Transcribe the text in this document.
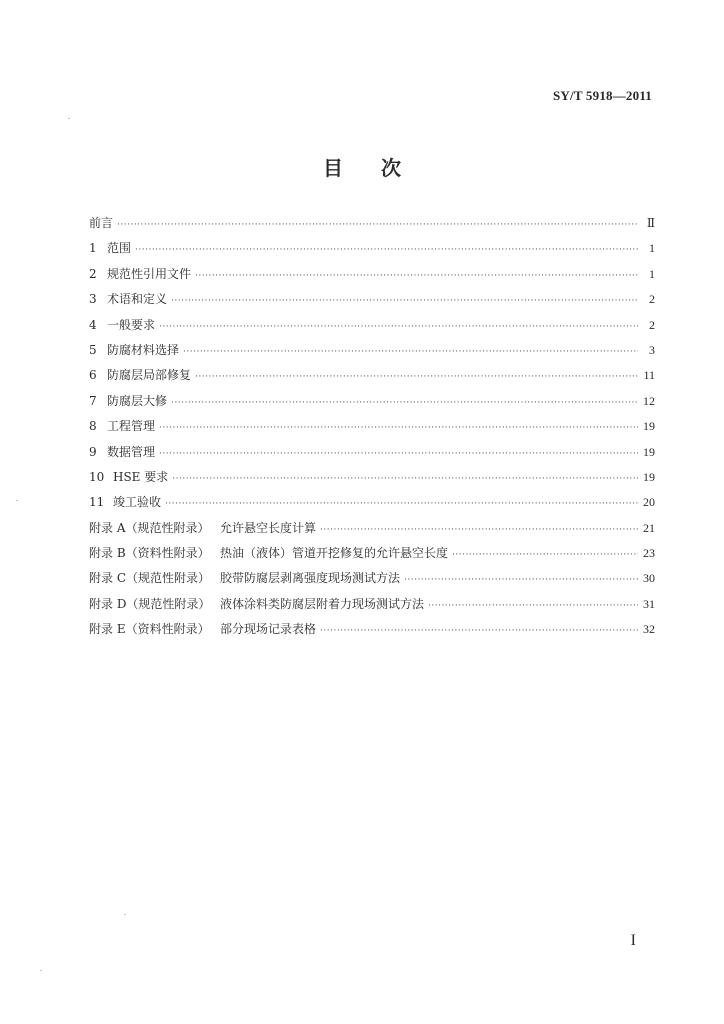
SY/T 5918—2011
目 次
前言 ·····	Ⅱ
1 范围 ·····	1
2 规范性引用文件 ·····	1
3 术语和定义 ·····	2
4 一般要求 ·····	2
5 防腐材料选择 ·····	3
6 防腐层局部修复 ·····	11
7 防腐层大修 ·····	12
8 工程管理 ·····	19
9 数据管理 ·····	19
10 HSE 要求 ·····	19
11 竣工验收 ·····	20
附录 A（规范性附录） 允许悬空长度计算 ·····	21
附录 B（资料性附录） 热油（液体）管道开挖修复的允许悬空长度 ·····	23
附录 C（规范性附录） 胶带防腐层剥离强度现场测试方法 ·····	30
附录 D（规范性附录） 液体涂料类防腐层附着力现场测试方法 ·····	31
附录 E（资料性附录） 部分现场记录表格 ·····	32
I
